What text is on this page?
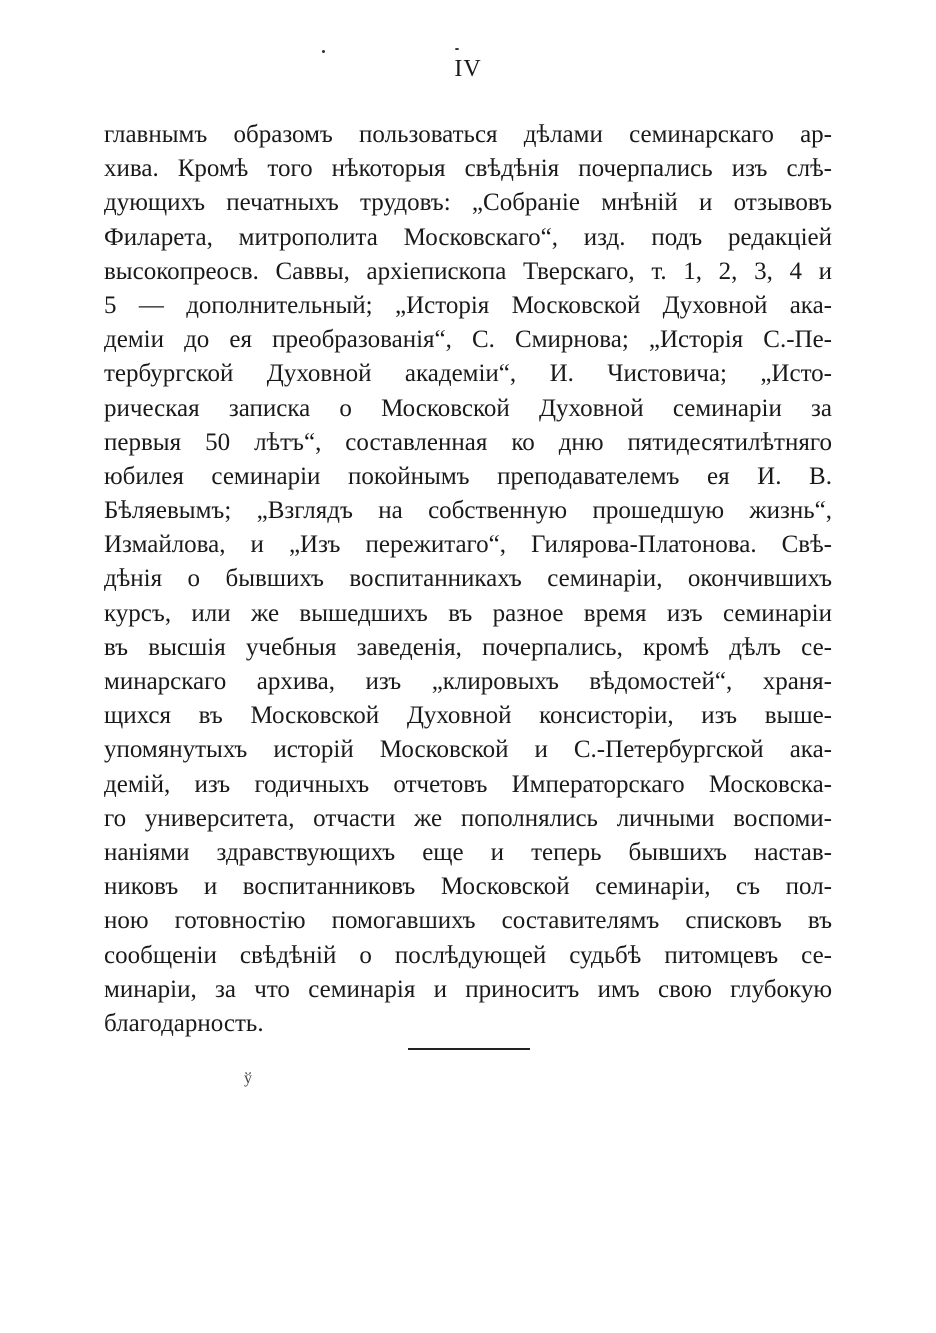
IV
главнымъ образомъ пользоваться дѣлами семинарскаго ар-
хива. Кромѣ того нѣкоторыя свѣдѣнія почерпались изъ слѣ-
дующихъ печатныхъ трудовъ: „Собраніе мнѣній и отзывовъ
Филарета, митрополита Московскаго“, изд. подъ редакціей
высокопреосв. Саввы, архіепископа Тверскаго, т. 1, 2, 3, 4 и
5 — дополнительный; „Исторія Московской Духовной ака-
деміи до ея преобразованія“, С. Смирнова; „Исторія С.-Пе-
тербургской Духовной академіи“, И. Чистовича; „Исто-
рическая записка о Московской Духовной семинаріи за
первыя 50 лѣтъ“, составленная ко дню пятидесятилѣтняго
юбилея семинаріи покойнымъ преподавателемъ ея И. В.
Бѣляевымъ; „Взглядъ на собственную прошедшую жизнь“,
Измайлова, и „Изъ пережитаго“, Гилярова-Платонова. Свѣ-
дѣнія о бывшихъ воспитанникахъ семинаріи, окончившихъ
курсъ, или же вышедшихъ въ разное время изъ семинаріи
въ высшія учебныя заведенія, почерпались, кромѣ дѣлъ се-
минарскаго архива, изъ „клировыхъ вѣдомостей“, храня-
щихся въ Московской Духовной консисторіи, изъ выше-
упомянутыхъ исторій Московской и С.-Петербургской ака-
демій, изъ годичныхъ отчетовъ Императорскаго Московска-
го университета, отчасти же пополнялись личными воспоми-
наніями здравствующихъ еще и теперь бывшихъ настав-
никовъ и воспитанниковъ Московской семинаріи, съ пол-
ною готовностію помогавшихъ составителямъ списковъ въ
сообщеніи свѣдѣній о послѣдующей судьбѣ питомцевъ се-
минаріи, за что семинарія и приноситъ имъ свою глубокую
благодарность.
ў
